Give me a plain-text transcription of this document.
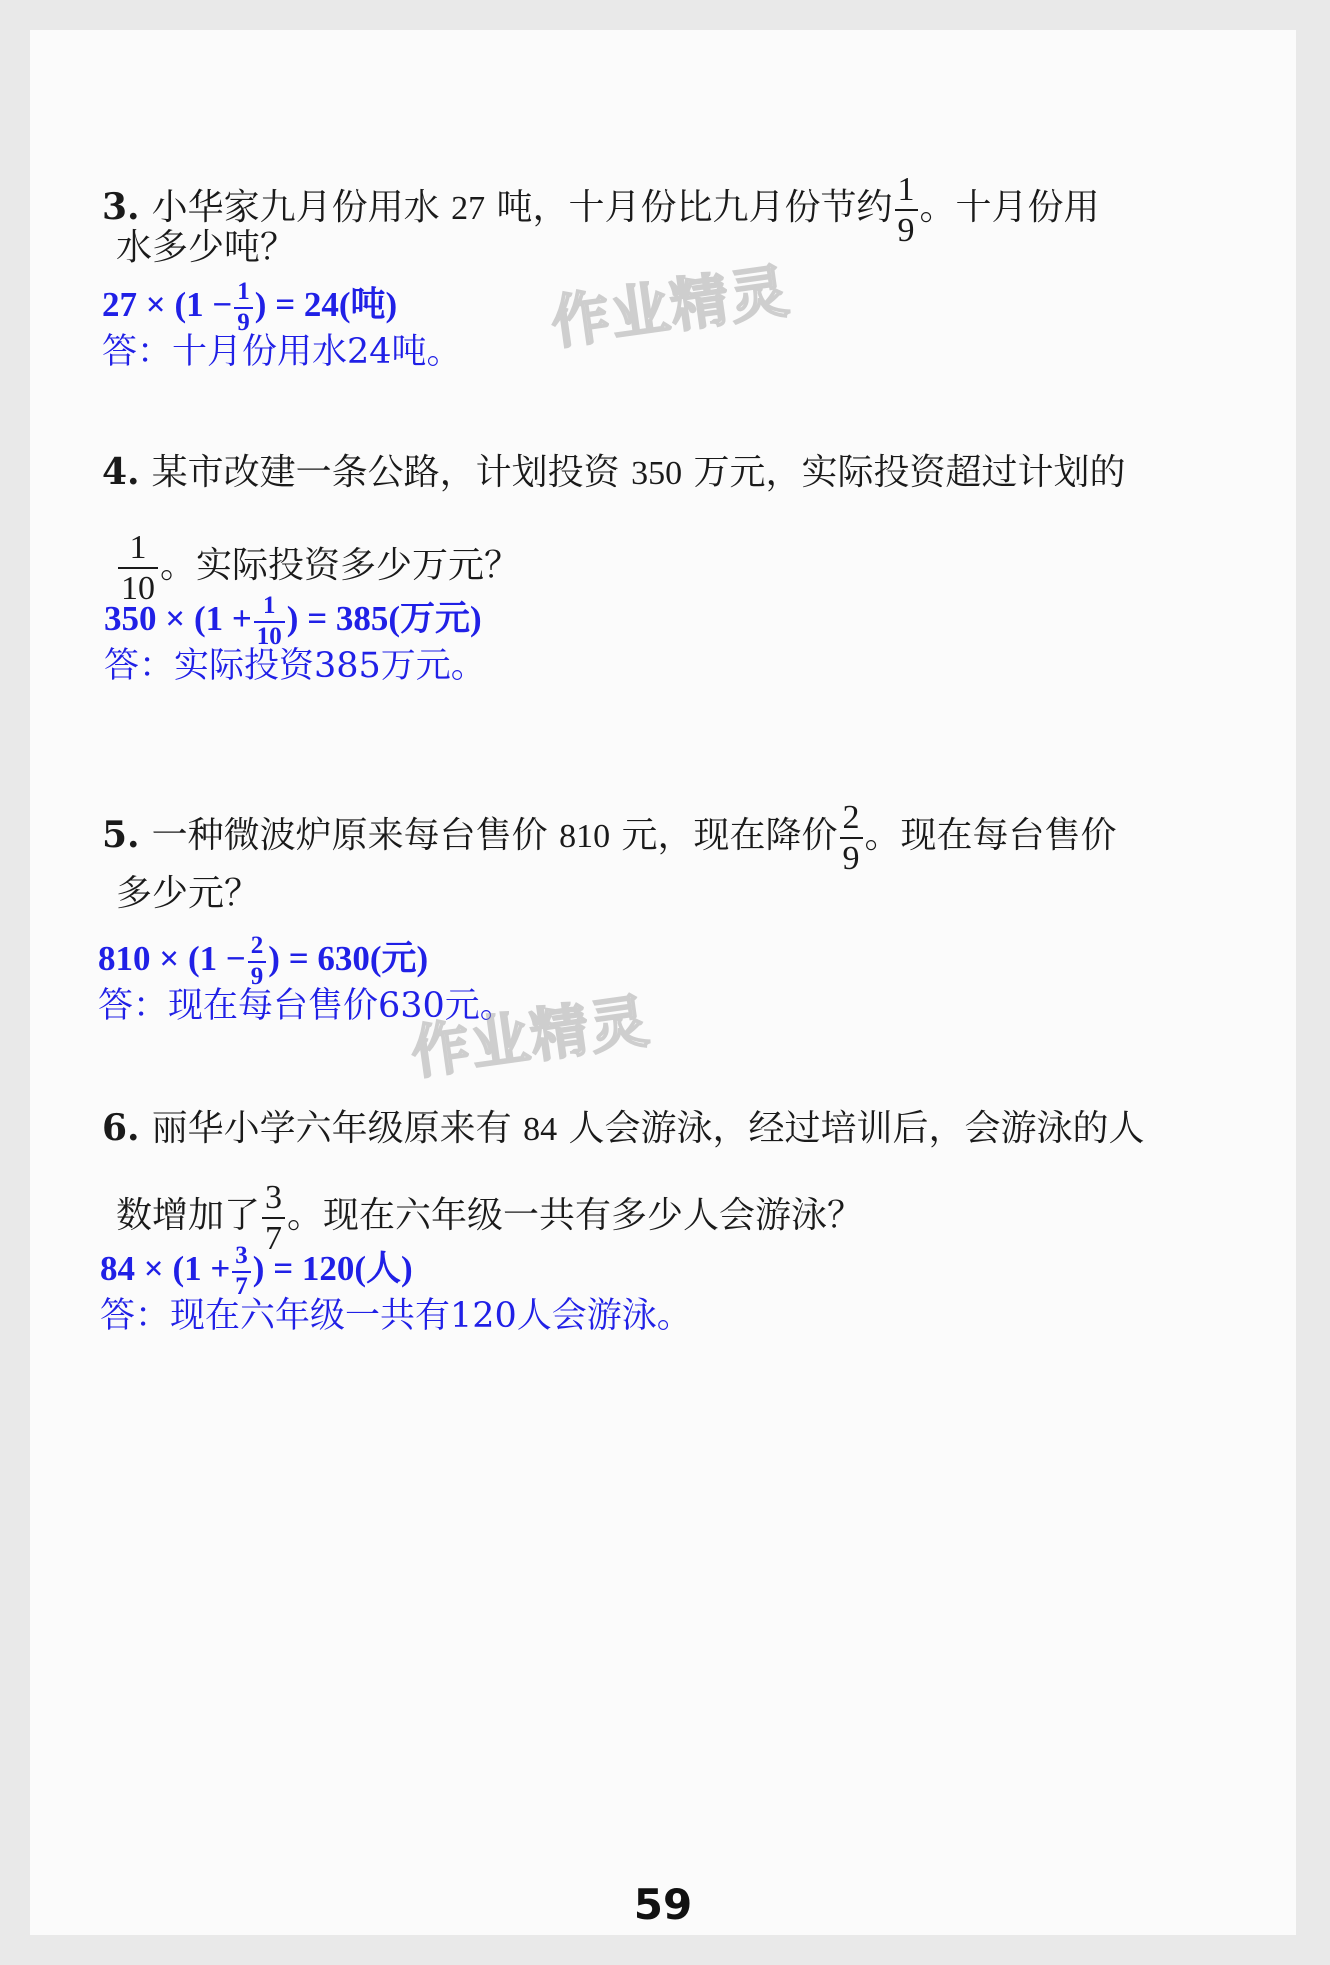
3. 小华家九月份用水 27 吨，十月份比九月份节约 $\frac{1}{9}$ 。十月份用
水多少吨？
$27 \times (1 - \frac{1}{9}$ ) = 24(吨)
答：十月份用水24吨。
4. 某市改建一条公路，计划投资 350 万元，实际投资超过计划的
$\frac{1}{10}$ 。实际投资多少万元？
$350 \times (1 + \frac{1}{10}$ ) = 385(万元)
答：实际投资385万元。
5. 一种微波炉原来每台售价 810 元，现在降价 $\frac{2}{9}$ 。现在每台售价
多少元？
$810 \times (1 - \frac{2}{9}$ ) = 630(元)
答：现在每台售价630元。
6. 丽华小学六年级原来有 84 人会游泳，经过培训后，会游泳的人
数增加了 $\frac{3}{7}$ 。现在六年级一共有多少人会游泳？
$84 \times (1 + \frac{3}{7}$ ) = 120(人)
答：现在六年级一共有120人会游泳。
作业精灵
作业精灵
59
